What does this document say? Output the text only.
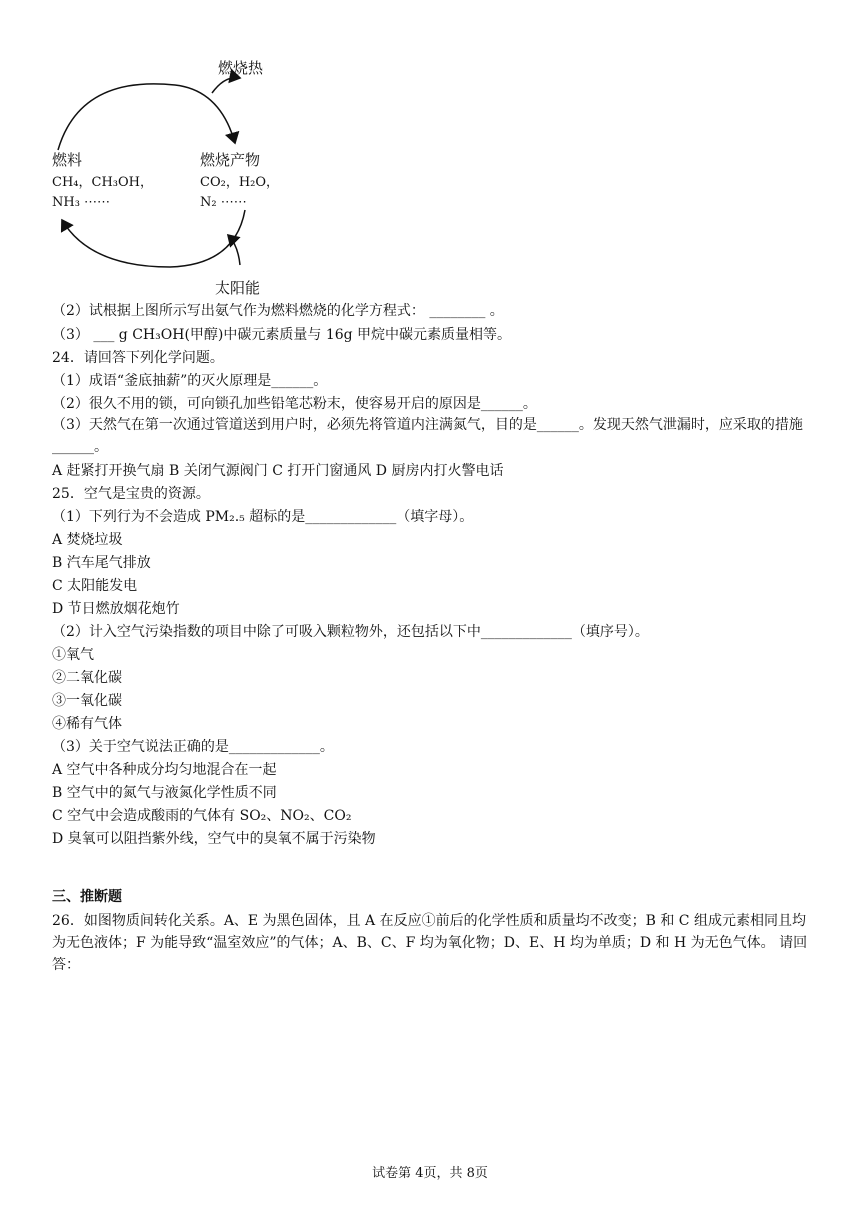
燃烧热
燃料
CH₄，CH₃OH，
NH₃ ⋯⋯
燃烧产物
CO₂，H₂O，
N₂ ⋯⋯
太阳能
（2）试根据上图所示写出氨气作为燃料燃烧的化学方程式： ________ 。
（3） ___ g CH₃OH(甲醇)中碳元素质量与 16g 甲烷中碳元素质量相等。
24．请回答下列化学问题。
（1）成语“釜底抽薪”的灭火原理是______。
（2）很久不用的锁，可向锁孔加些铅笔芯粉末，使容易开启的原因是______。
（3）天然气在第一次通过管道送到用户时，必须先将管道内注满氮气，目的是______。发现天然气泄漏时，应采取的措施______。
A 赶紧打开换气扇 B 关闭气源阀门 C 打开门窗通风 D 厨房内打火警电话
25．空气是宝贵的资源。
（1）下列行为不会造成 PM₂.₅ 超标的是_____________（填字母）。
A 焚烧垃圾
B 汽车尾气排放
C 太阳能发电
D 节日燃放烟花炮竹
（2）计入空气污染指数的项目中除了可吸入颗粒物外，还包括以下中_____________（填序号）。
①氧气
②二氧化碳
③一氧化碳
④稀有气体
（3）关于空气说法正确的是_____________。
A 空气中各种成分均匀地混合在一起
B 空气中的氮气与液氮化学性质不同
C 空气中会造成酸雨的气体有 SO₂、NO₂、CO₂
D 臭氧可以阻挡紫外线，空气中的臭氧不属于污染物
三、推断题
26．如图物质间转化关系。A、E 为黑色固体，且 A 在反应①前后的化学性质和质量均不改变；B 和 C 组成元素相同且均为无色液体；F 为能导致“温室效应”的气体；A、B、C、F 均为氧化物；D、E、H 均为单质；D 和 H 为无色气体。 请回答：
试卷第 4页，共 8页
